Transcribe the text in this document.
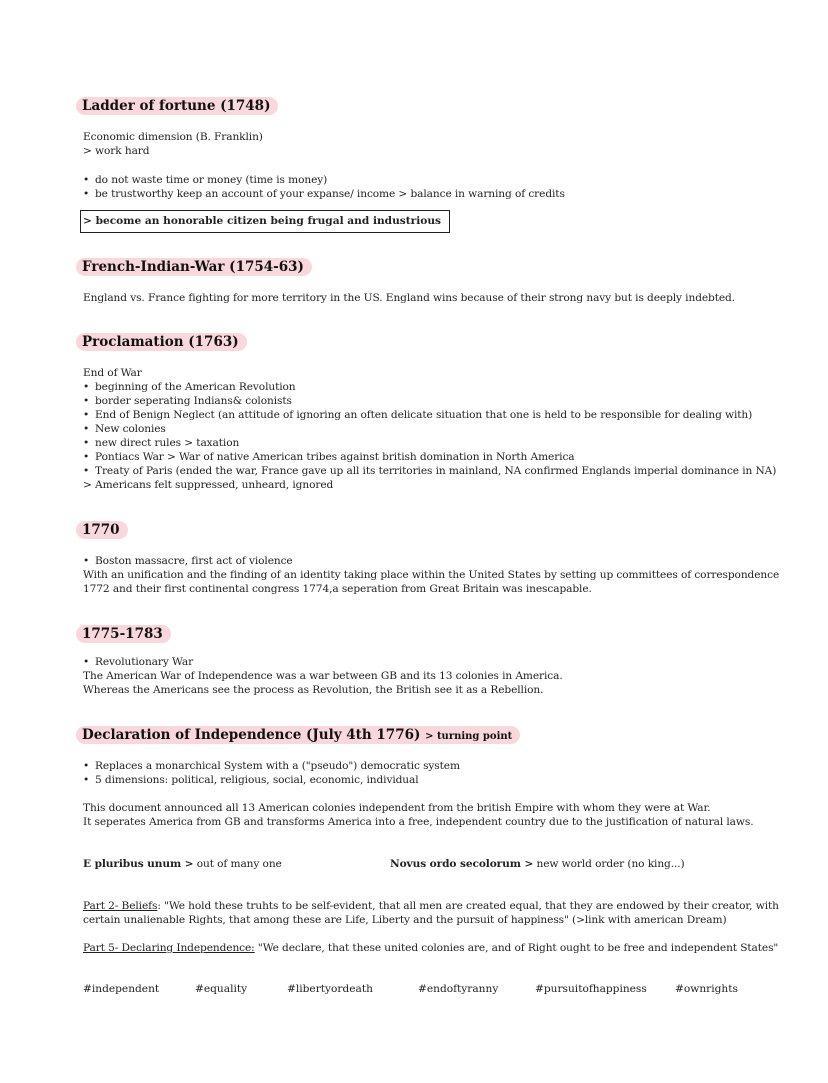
Ladder of fortune (1748)
Economic dimension (B. Franklin)
> work hard
• do not waste time or money (time is money)
• be trustworthy keep an account of your expanse/ income > balance in warning of credits
> become an honorable citizen being frugal and industrious
French-Indian-War (1754-63)
England vs. France fighting for more territory in the US. England wins because of their strong navy but is deeply indebted.
Proclamation (1763)
End of War
• beginning of the American Revolution
• border seperating Indians& colonists
• End of Benign Neglect (an attitude of ignoring an often delicate situation that one is held to be responsible for dealing with)
• New colonies
• new direct rules > taxation
• Pontiacs War > War of native American tribes against british domination in North America
• Treaty of Paris (ended the war, France gave up all its territories in mainland, NA confirmed Englands imperial dominance in NA)
> Americans felt suppressed, unheard, ignored
1770
• Boston massacre, first act of violence
With an unification and the finding of an identity taking place within the United States by setting up committees of correspondence
1772 and their first continental congress 1774,a seperation from Great Britain was inescapable.
1775-1783
• Revolutionary War
The American War of Independence was a war between GB and its 13 colonies in America.
Whereas the Americans see the process as Revolution, the British see it as a Rebellion.
Declaration of Independence (July 4th 1776) > turning point
• Replaces a monarchical System with a ("pseudo") democratic system
• 5 dimensions: political, religious, social, economic, individual
This document announced all 13 American colonies independent from the british Empire with whom they were at War.
It seperates America from GB and transforms America into a free, independent country due to the justification of natural laws.
E pluribus unum > out of many one	Novus ordo secolorum > new world order (no king...)
Part 2- Beliefs: "We hold these truhts to be self-evident, that all men are created equal, that they are endowed by their creator, with
certain unalienable Rights, that among these are Life, Liberty and the pursuit of happiness" (>link with american Dream)
Part 5- Declaring Independence: "We declare, that these united colonies are, and of Right ought to be free and independent States"
#independent	#equality	#libertyordeath	#endoftyranny	#pursuitofhappiness	#ownrights
